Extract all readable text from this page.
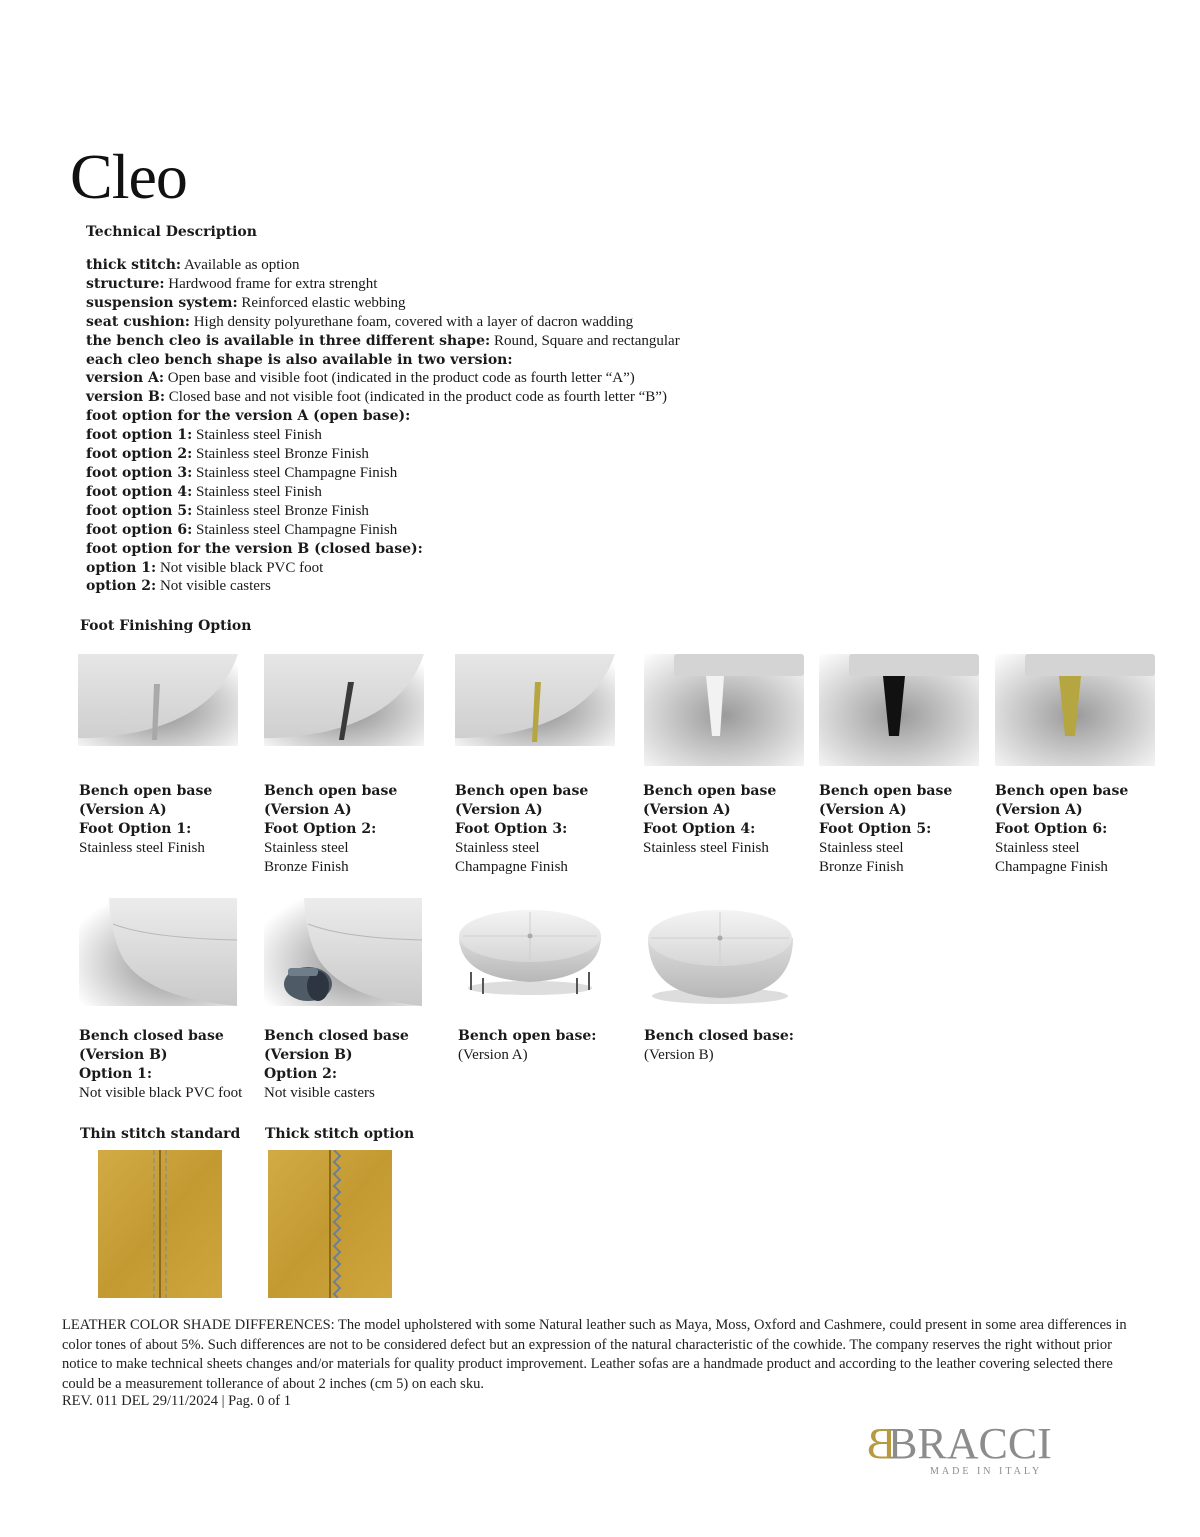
Cleo
Technical Description
thick stitch: Available as option
structure: Hardwood frame for extra strenght
suspension system: Reinforced elastic webbing
seat cushion: High density polyurethane foam, covered with a layer of dacron wadding
the bench cleo is available in three different shape: Round, Square and rectangular
each cleo bench shape is also available in two version:
version A: Open base and visible foot (indicated in the product code as fourth letter “A”)
version B: Closed base and not visible foot (indicated in the product code as fourth letter “B”)
foot option for the version A (open base):
foot option 1: Stainless steel Finish
foot option 2: Stainless steel Bronze Finish
foot option 3: Stainless steel Champagne Finish
foot option 4: Stainless steel Finish
foot option 5: Stainless steel Bronze Finish
foot option 6: Stainless steel Champagne Finish
foot option for the version B (closed base):
option 1: Not visible black PVC foot
option 2: Not visible casters
Foot Finishing Option
Bench open base
(Version A)
Foot Option 1:
Stainless steel Finish
Bench open base
(Version A)
Foot Option 2:
Stainless steel
Bronze Finish
Bench open base
(Version A)
Foot Option 3:
Stainless steel
Champagne Finish
Bench open base
(Version A)
Foot Option 4:
Stainless steel Finish
Bench open base
(Version A)
Foot Option 5:
Stainless steel
Bronze Finish
Bench open base
(Version A)
Foot Option 6:
Stainless steel
Champagne Finish
Bench closed base
(Version B)
Option 1:
Not visible black PVC foot
Bench closed base
(Version B)
Option 2:
Not visible casters
Bench open base:
(Version A)
Bench closed base:
(Version B)
Thin stitch standard Thick stitch option
LEATHER COLOR SHADE DIFFERENCES: The model upholstered with some Natural leather such as Maya, Moss, Oxford and Cashmere, could present in some area differences in color tones of about 5%. Such differences are not to be considered defect but an expression of the natural characteristic of the cowhide. The company reserves the right without prior notice to make technical sheets changes and/or materials for quality product improvement. Leather sofas are a handmade product and according to the leather covering selected there could be a measurement tollerance of about 2 inches (cm 5) on each sku.
REV. 011 DEL 29/11/2024 | Pag. 0 of 1
B
BRACCI
MADE IN ITALY
